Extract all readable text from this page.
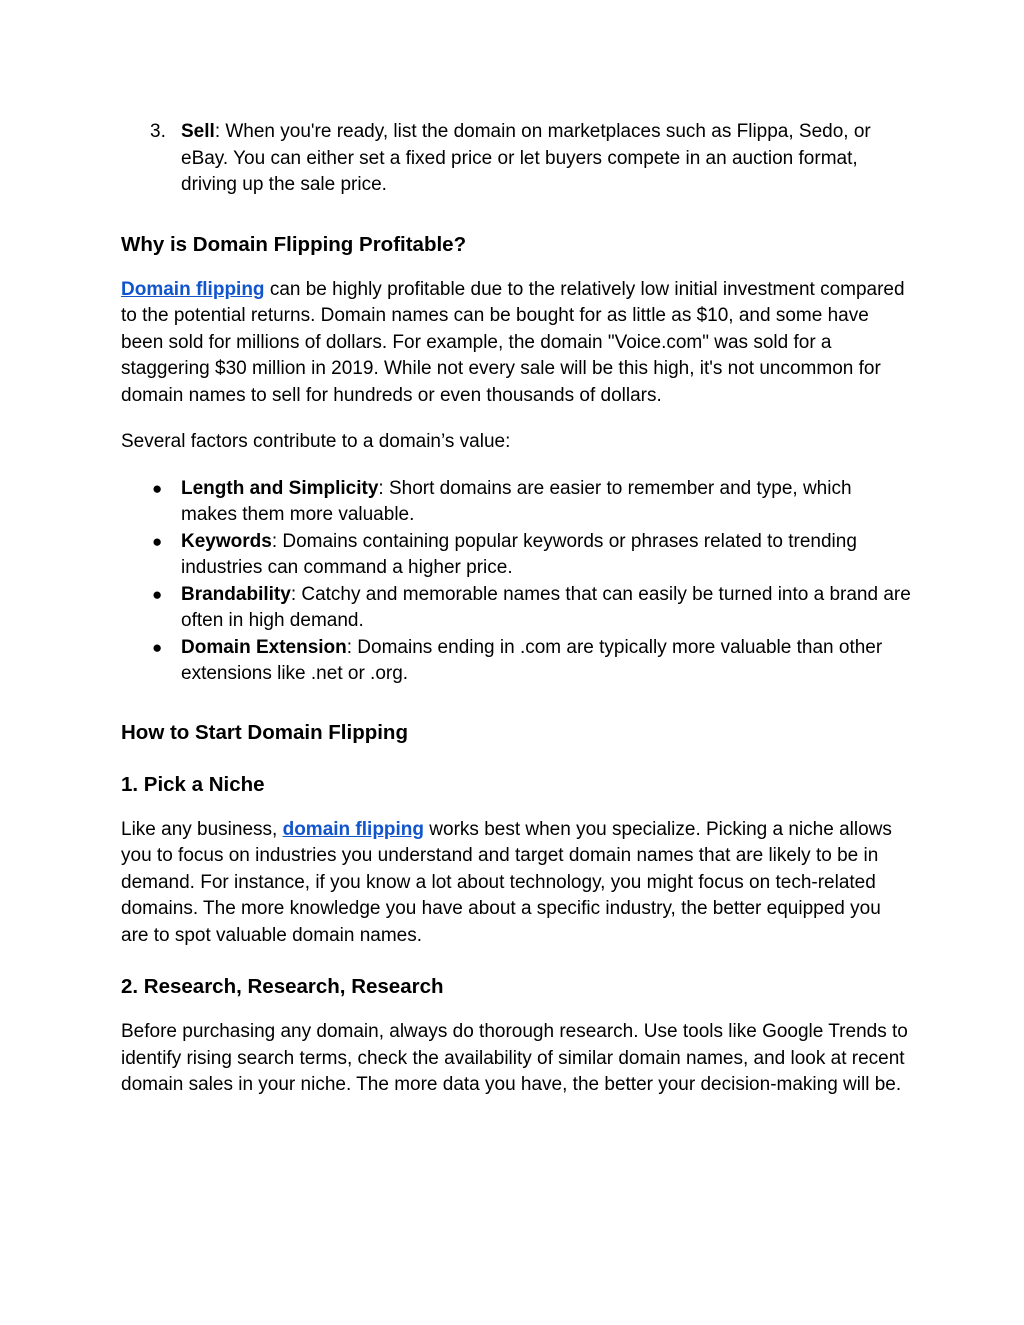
3. Sell: When you're ready, list the domain on marketplaces such as Flippa, Sedo, or eBay. You can either set a fixed price or let buyers compete in an auction format, driving up the sale price.
Why is Domain Flipping Profitable?

Domain flipping can be highly profitable due to the relatively low initial investment compared to the potential returns. Domain names can be bought for as little as $10, and some have been sold for millions of dollars. For example, the domain "Voice.com" was sold for a staggering $30 million in 2019. While not every sale will be this high, it's not uncommon for domain names to sell for hundreds or even thousands of dollars.

Several factors contribute to a domain’s value:

● Length and Simplicity: Short domains are easier to remember and type, which makes them more valuable.
● Keywords: Domains containing popular keywords or phrases related to trending industries can command a higher price.
● Brandability: Catchy and memorable names that can easily be turned into a brand are often in high demand.
● Domain Extension: Domains ending in .com are typically more valuable than other extensions like .net or .org.
How to Start Domain Flipping
1. Pick a Niche

Like any business, domain flipping works best when you specialize. Picking a niche allows you to focus on industries you understand and target domain names that are likely to be in demand. For instance, if you know a lot about technology, you might focus on tech-related domains. The more knowledge you have about a specific industry, the better equipped you are to spot valuable domain names.

2. Research, Research, Research

Before purchasing any domain, always do thorough research. Use tools like Google Trends to identify rising search terms, check the availability of similar domain names, and look at recent domain sales in your niche. The more data you have, the better your decision-making will be.
